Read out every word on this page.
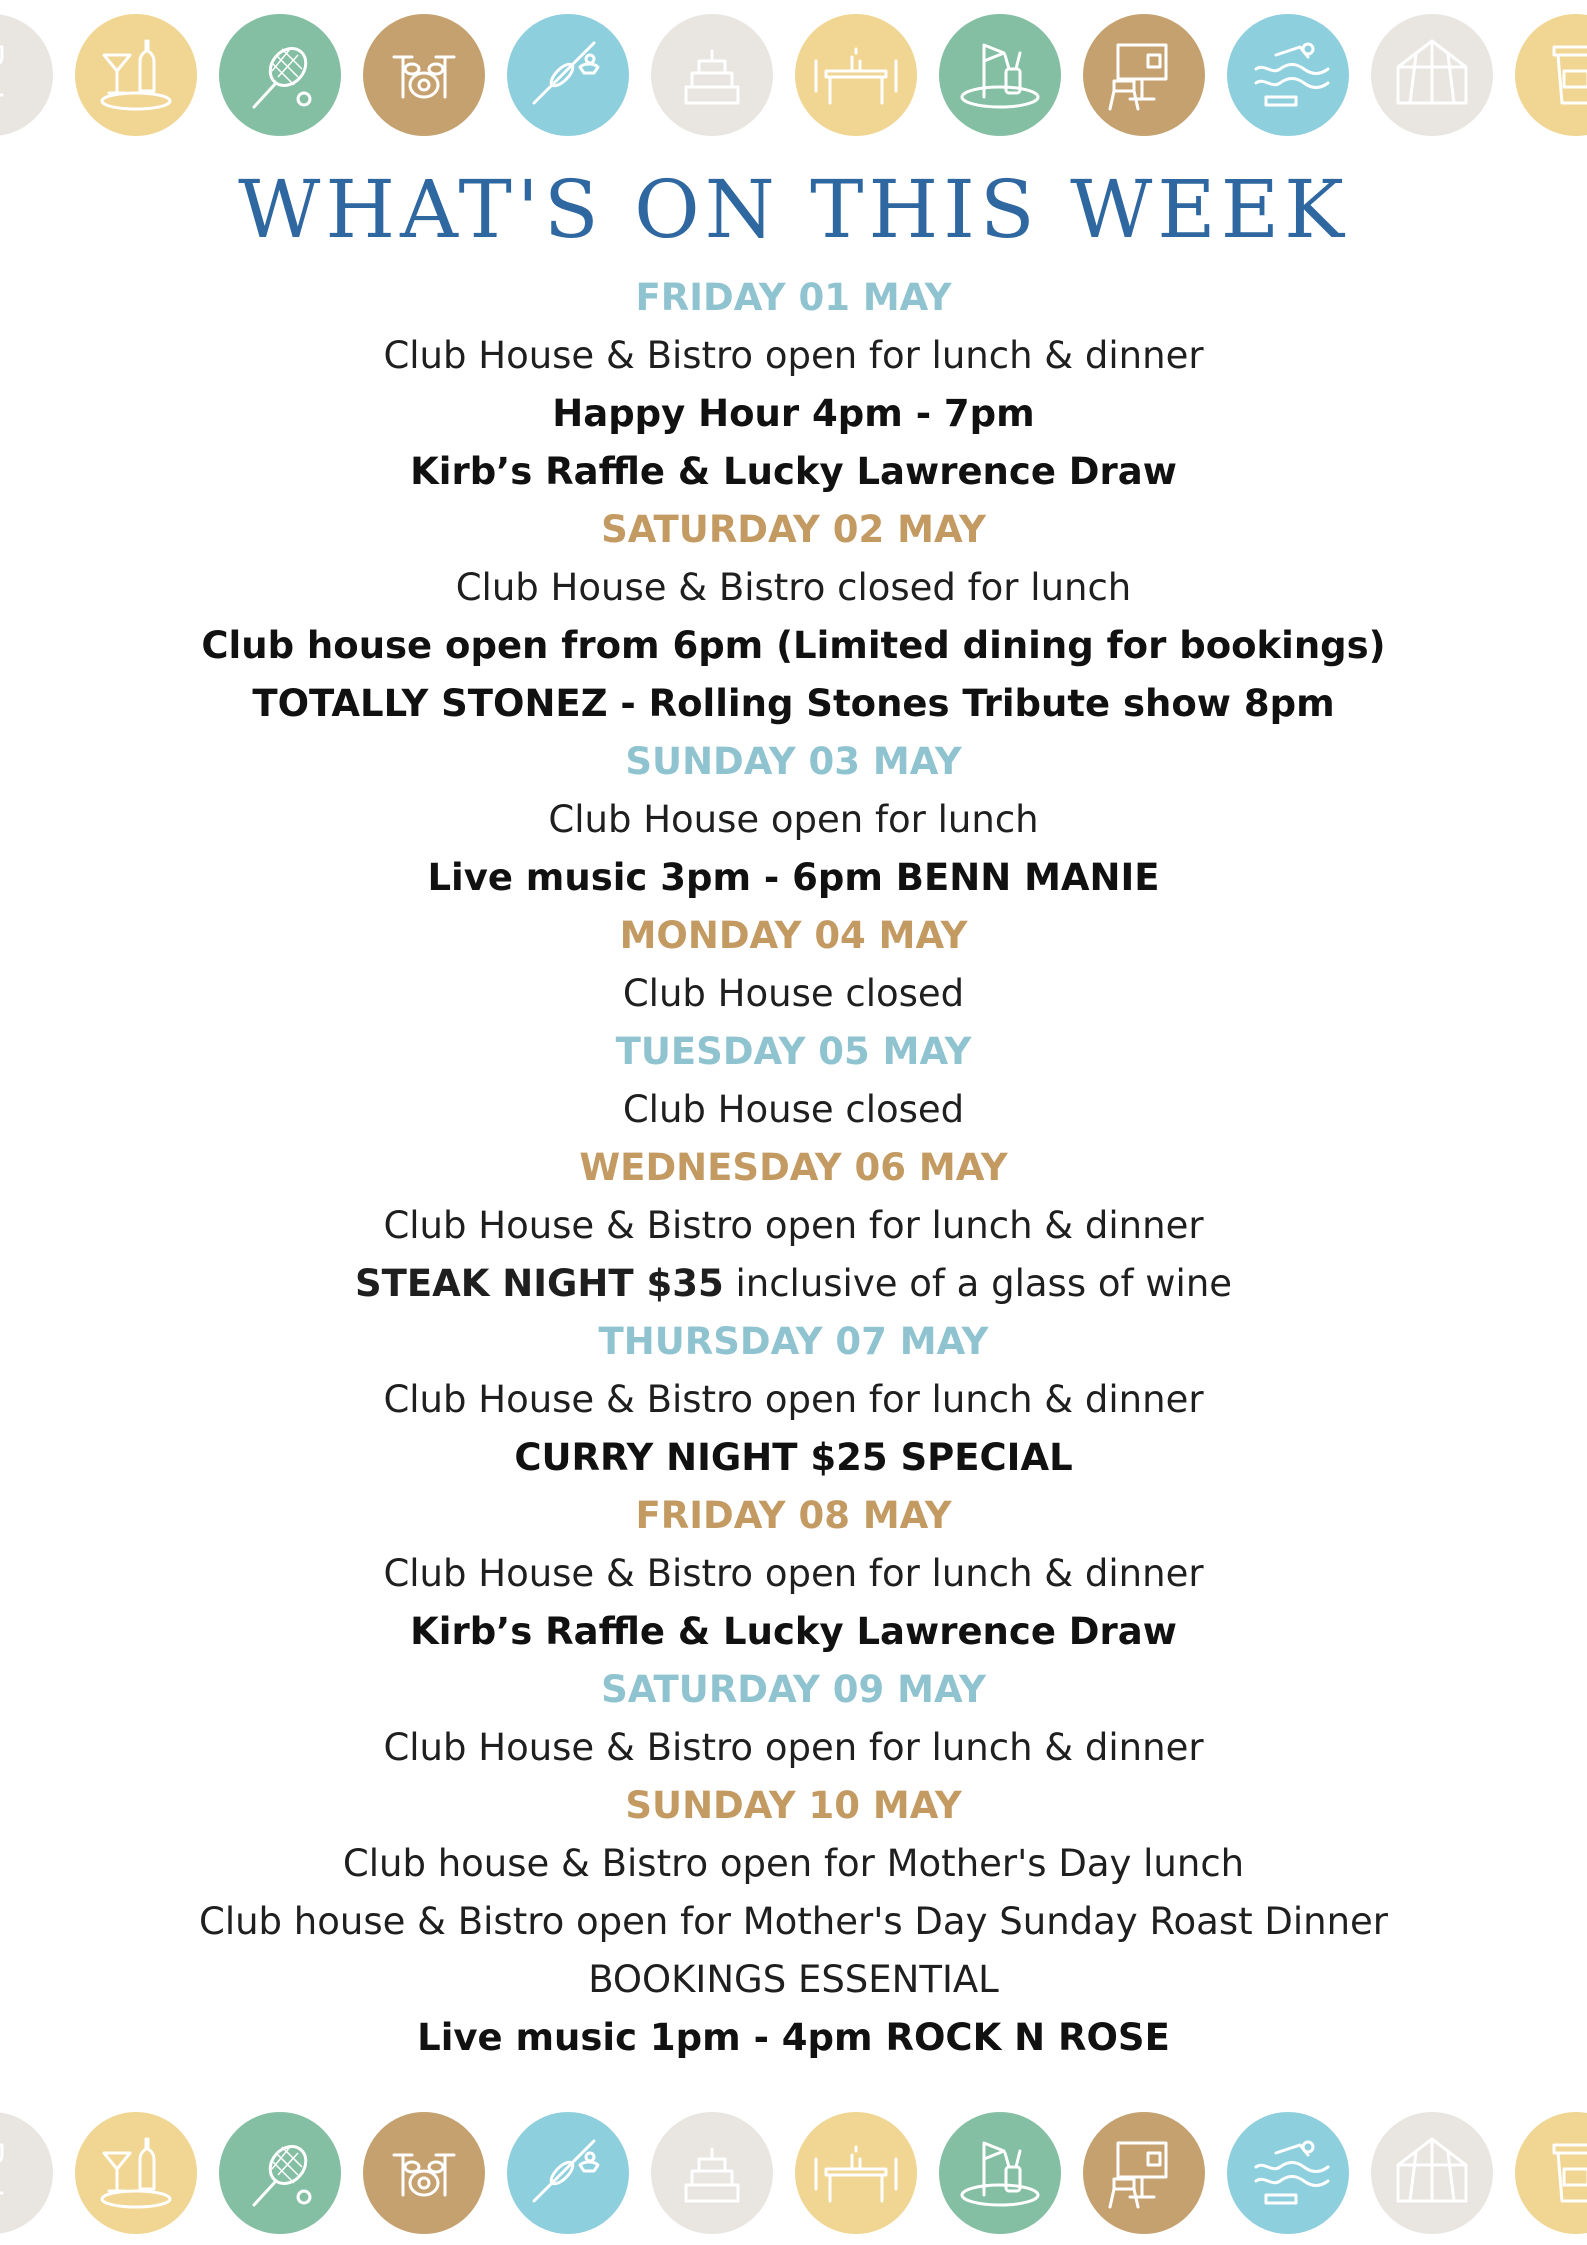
WHAT'S ON THIS WEEK
FRIDAY 01 MAY
Club House & Bistro open for lunch & dinner
Happy Hour 4pm - 7pm
Kirb’s Raffle & Lucky Lawrence Draw
SATURDAY 02 MAY
Club House & Bistro closed for lunch
Club house open from 6pm (Limited dining for bookings)
TOTALLY STONEZ - Rolling Stones Tribute show 8pm
SUNDAY 03 MAY
Club House open for lunch
Live music 3pm - 6pm BENN MANIE
MONDAY 04 MAY
Club House closed
TUESDAY 05 MAY
Club House closed
WEDNESDAY 06 MAY
Club House & Bistro open for lunch & dinner
STEAK NIGHT $35 inclusive of a glass of wine
THURSDAY 07 MAY
Club House & Bistro open for lunch & dinner
CURRY NIGHT $25 SPECIAL
FRIDAY 08 MAY
Club House & Bistro open for lunch & dinner
Kirb’s Raffle & Lucky Lawrence Draw
SATURDAY 09 MAY
Club House & Bistro open for lunch & dinner
SUNDAY 10 MAY
Club house & Bistro open for Mother's Day lunch
Club house & Bistro open for Mother's Day Sunday Roast Dinner
BOOKINGS ESSENTIAL
Live music 1pm - 4pm ROCK N ROSE
